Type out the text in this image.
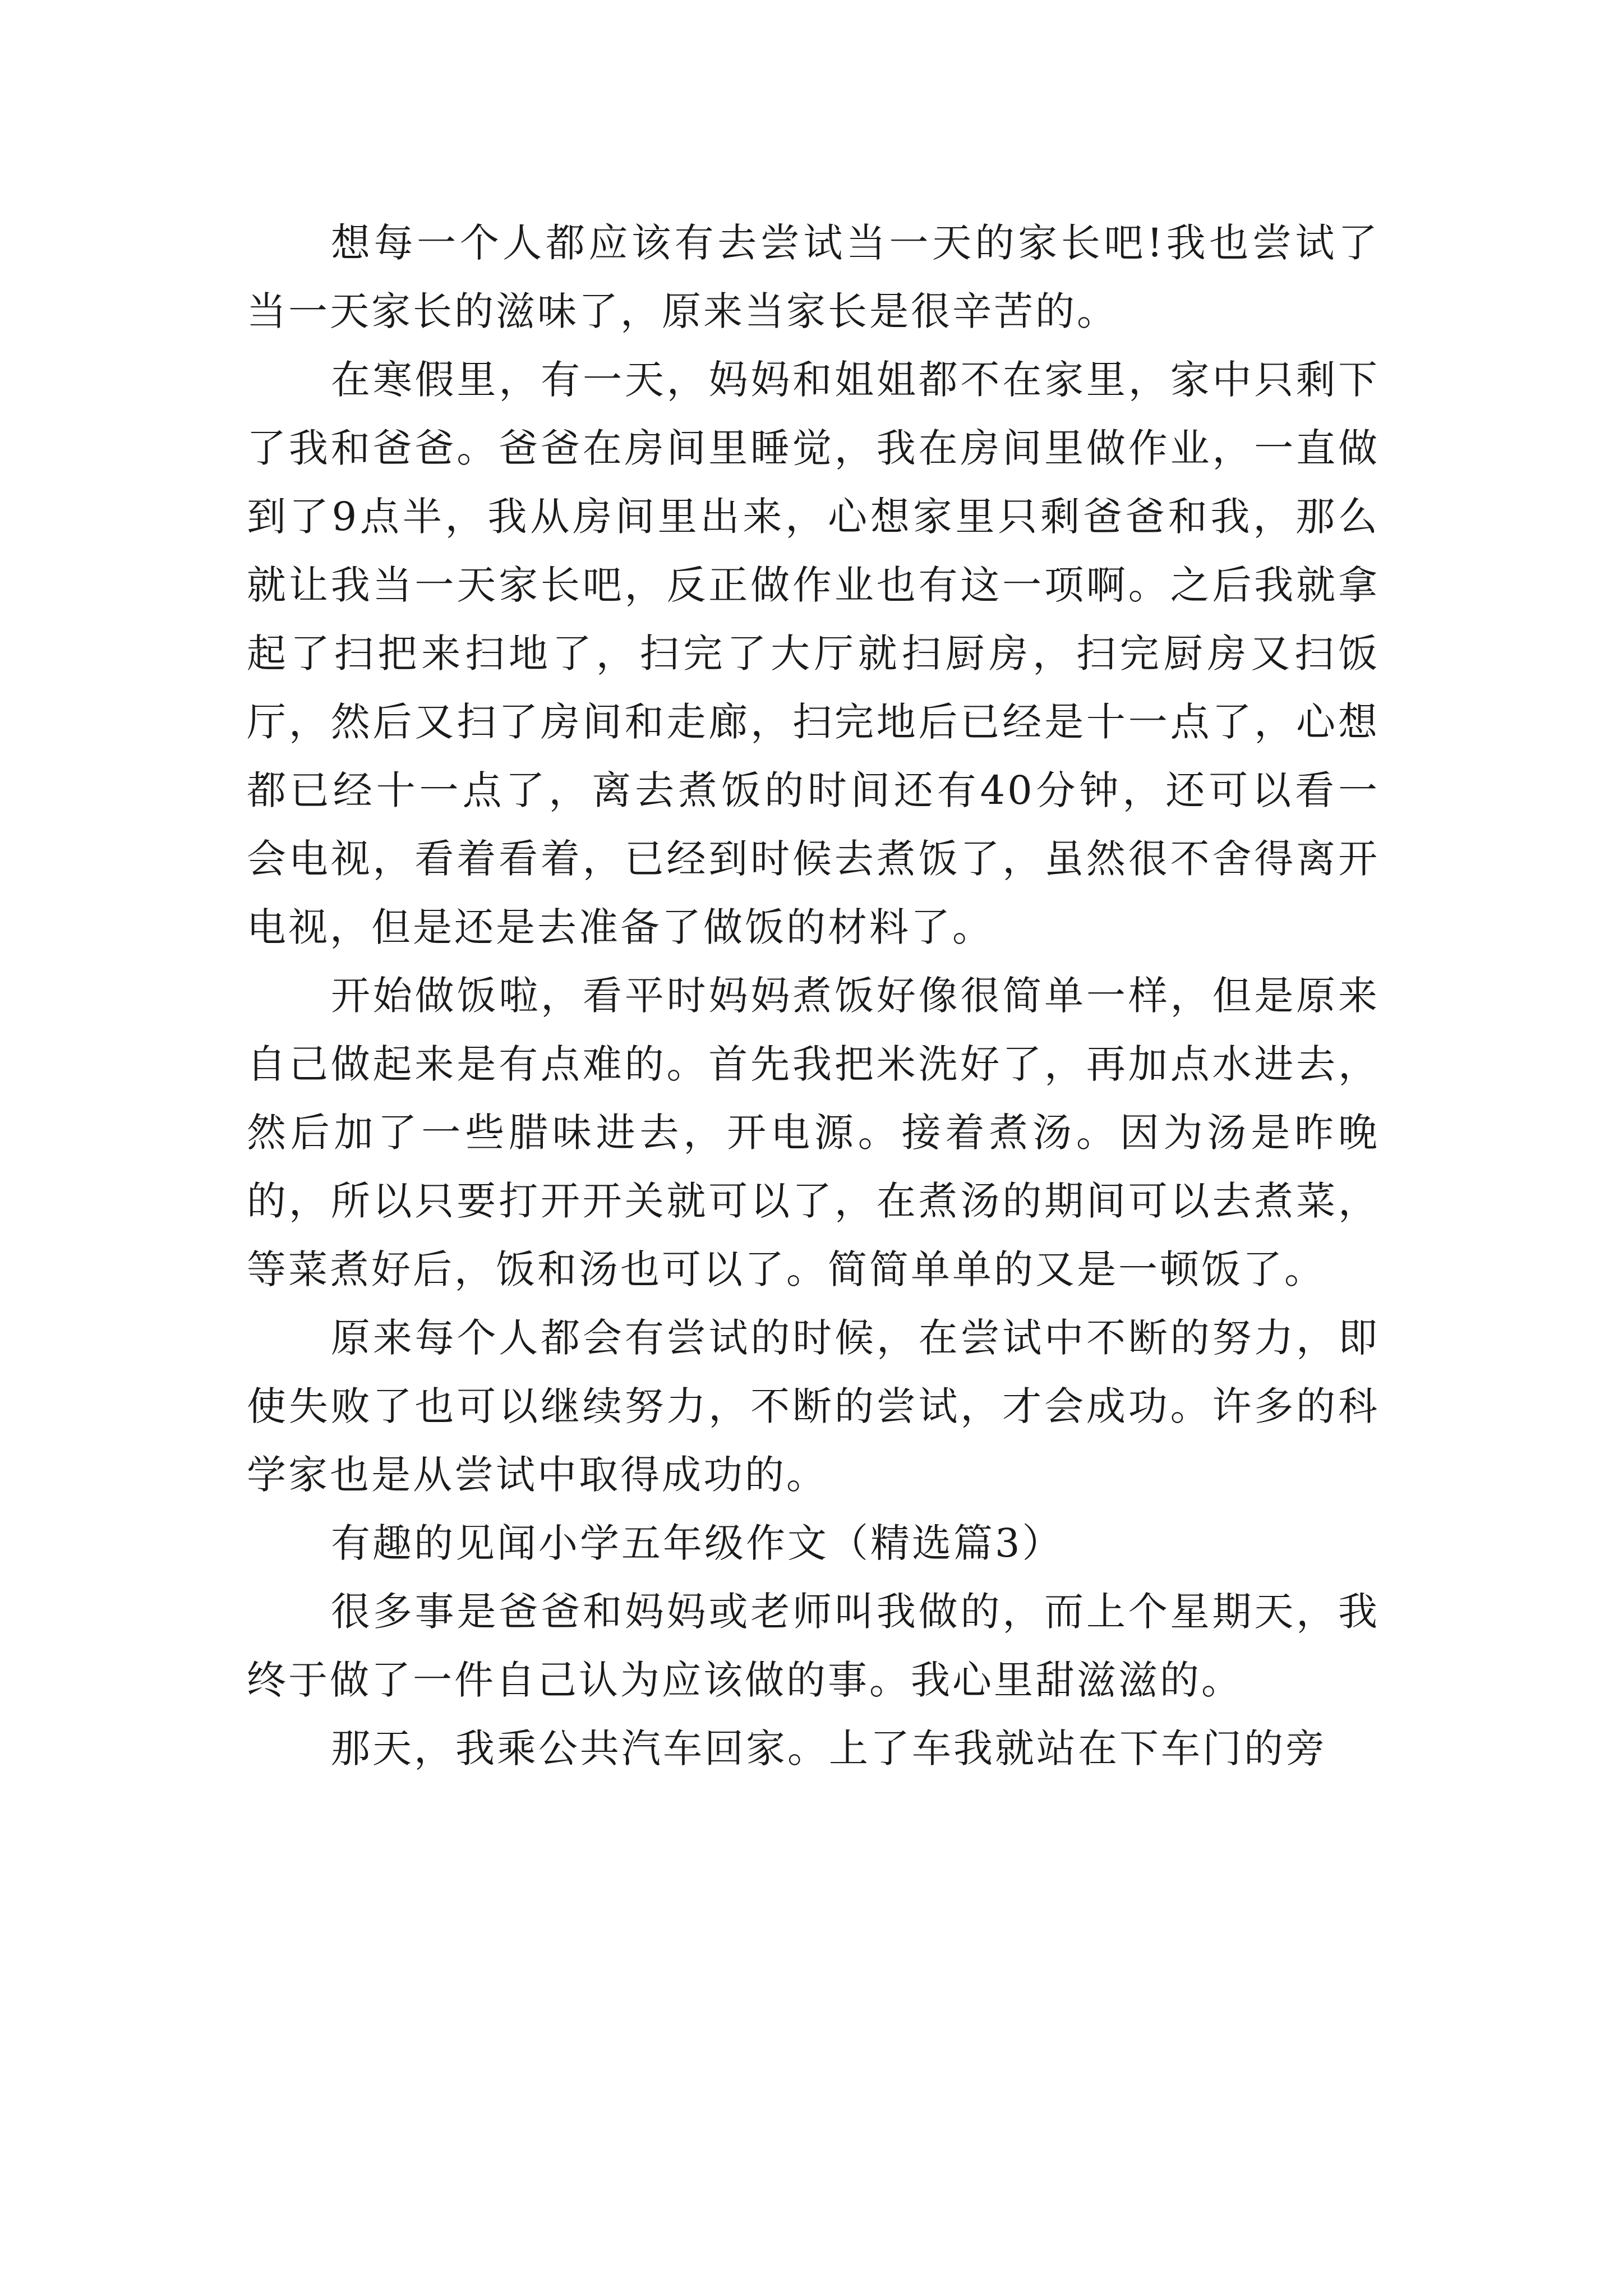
想每一个人都应该有去尝试当一天的家长吧!我也尝试了当一天家长的滋味了，原来当家长是很辛苦的。

在寒假里，有一天，妈妈和姐姐都不在家里，家中只剩下了我和爸爸。爸爸在房间里睡觉，我在房间里做作业，一直做到了9点半，我从房间里出来，心想家里只剩爸爸和我，那么就让我当一天家长吧，反正做作业也有这一项啊。之后我就拿起了扫把来扫地了，扫完了大厅就扫厨房，扫完厨房又扫饭厅，然后又扫了房间和走廊，扫完地后已经是十一点了，心想都已经十一点了，离去煮饭的时间还有40分钟，还可以看一会电视，看着看着，已经到时候去煮饭了，虽然很不舍得离开电视，但是还是去准备了做饭的材料了。

开始做饭啦，看平时妈妈煮饭好像很简单一样，但是原来自己做起来是有点难的。首先我把米洗好了，再加点水进去，然后加了一些腊味进去，开电源。接着煮汤。因为汤是昨晚的，所以只要打开开关就可以了，在煮汤的期间可以去煮菜，等菜煮好后，饭和汤也可以了。简简单单的又是一顿饭了。

原来每个人都会有尝试的时候，在尝试中不断的努力，即使失败了也可以继续努力，不断的尝试，才会成功。许多的科学家也是从尝试中取得成功的。

有趣的见闻小学五年级作文（精选篇3）

很多事是爸爸和妈妈或老师叫我做的，而上个星期天，我终于做了一件自己认为应该做的事。我心里甜滋滋的。

那天，我乘公共汽车回家。上了车我就站在下车门的旁
